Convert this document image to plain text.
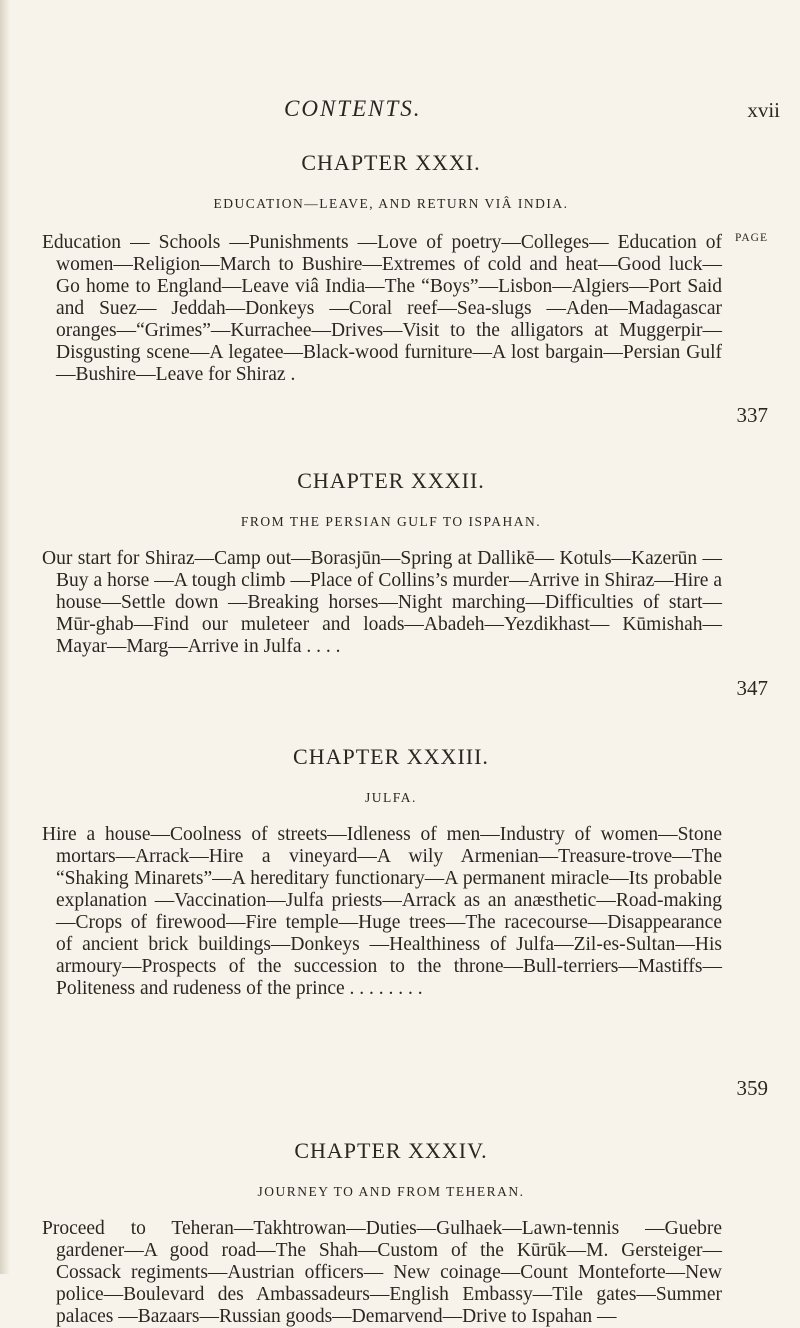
CONTENTS.	xvii

CHAPTER XXXI.

EDUCATION—LEAVE, AND RETURN VIÂ INDIA.

PAGE

Education — Schools —Punishments —Love of poetry—Colleges— Education of women—Religion—March to Bushire—Extremes of cold and heat—Good luck—Go home to England—Leave viâ India—The “Boys”—Lisbon—Algiers—Port Said and Suez— Jeddah—Donkeys —Coral reef—Sea-slugs —Aden—Madagascar oranges—“Grimes”—Kurrachee—Drives—Visit to the alligators at Muggerpir—Disgusting scene—A legatee—Black-wood furniture—A lost bargain—Persian Gulf—Bushire—Leave for Shiraz .

337

CHAPTER XXXII.

FROM THE PERSIAN GULF TO ISPAHAN.

Our start for Shiraz—Camp out—Borasjūn—Spring at Dallikē— Kotuls—Kazerūn —Buy a horse —A tough climb —Place of Collins’s murder—Arrive in Shiraz—Hire a house—Settle down —Breaking horses—Night marching—Difficulties of start—Mūr-ghab—Find our muleteer and loads—Abadeh—Yezdikhast— Kūmishah—Mayar—Marg—Arrive in Julfa . . . .

347

CHAPTER XXXIII.

JULFA.

Hire a house—Coolness of streets—Idleness of men—Industry of women—Stone mortars—Arrack—Hire a vineyard—A wily Armenian—Treasure-trove—The “Shaking Minarets”—A hereditary functionary—A permanent miracle—Its probable explanation —Vaccination—Julfa priests—Arrack as an anæsthetic—Road-making—Crops of firewood—Fire temple—Huge trees—The racecourse—Disappearance of ancient brick buildings—Donkeys —Healthiness of Julfa—Zil-es-Sultan—His armoury—Prospects of the succession to the throne—Bull-terriers—Mastiffs—Politeness and rudeness of the prince . . . . . . . .

359

CHAPTER XXXIV.

JOURNEY TO AND FROM TEHERAN.

Proceed to Teheran—Takhtrowan—Duties—Gulhaek—Lawn-tennis —Guebre gardener—A good road—The Shah—Custom of the Kūrūk—M. Gersteiger—Cossack regiments—Austrian officers— New coinage—Count Monteforte—New police—Boulevard des Ambassadeurs—English Embassy—Tile gates—Summer palaces —Bazaars—Russian goods—Demarvend—Drive to Ispahan —
